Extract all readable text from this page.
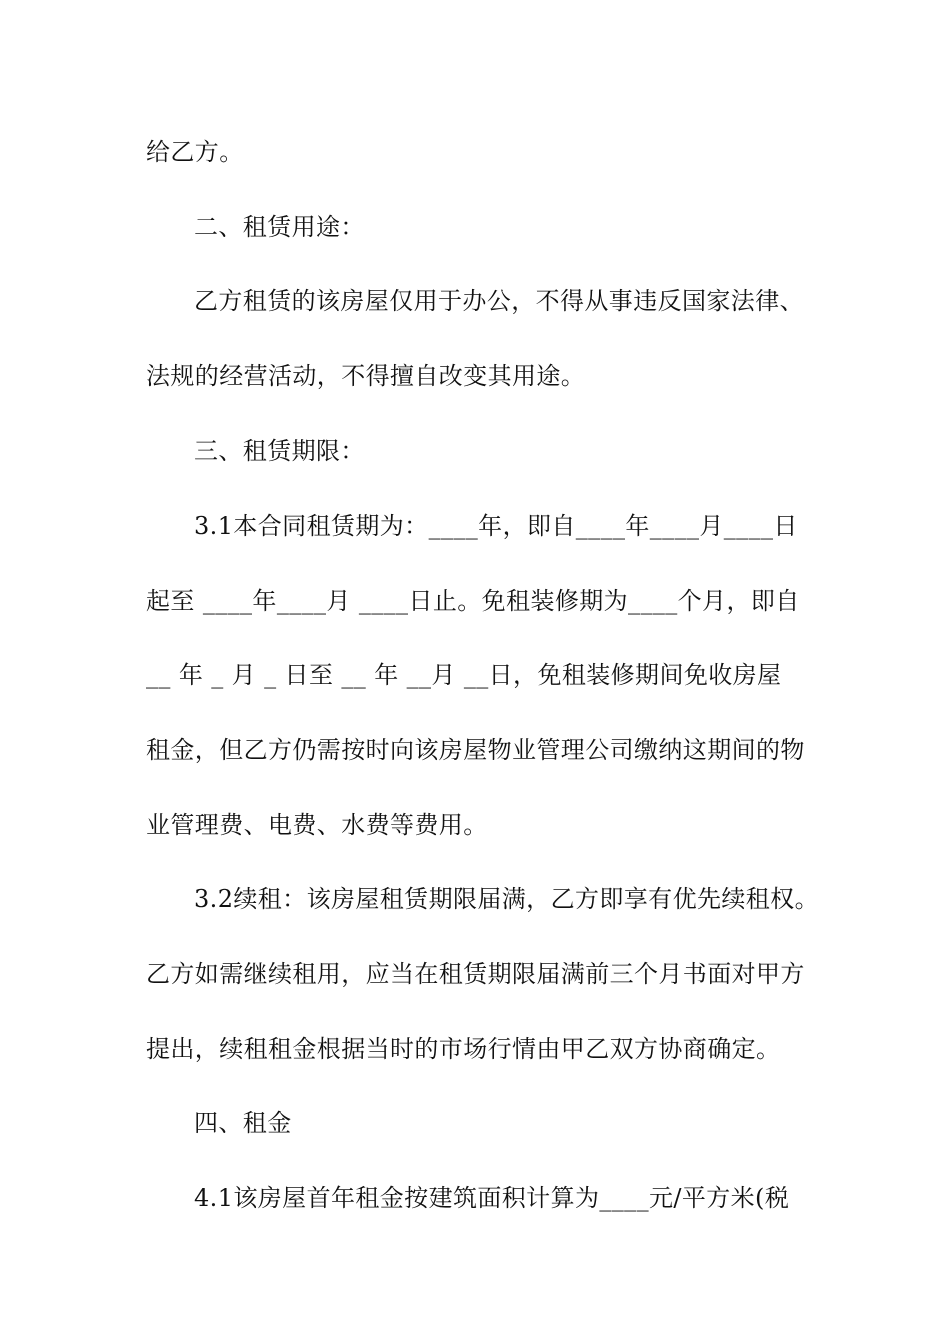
给乙方。
二、租赁用途：
乙方租赁的该房屋仅用于办公，不得从事违反国家法律、
法规的经营活动，不得擅自改变其用途。
三、租赁期限：
3.1本合同租赁期为：____年，即自____年____月____日
起至 ____年____月 ____日止。免租装修期为____个月，即自
__ 年 _ 月 _ 日至 __ 年 __月 __日，免租装修期间免收房屋
租金，但乙方仍需按时向该房屋物业管理公司缴纳这期间的物
业管理费、电费、水费等费用。
3.2续租：该房屋租赁期限届满，乙方即享有优先续租权。
乙方如需继续租用，应当在租赁期限届满前三个月书面对甲方
提出，续租租金根据当时的市场行情由甲乙双方协商确定。
四、租金
4.1该房屋首年租金按建筑面积计算为____元/平方米(税
